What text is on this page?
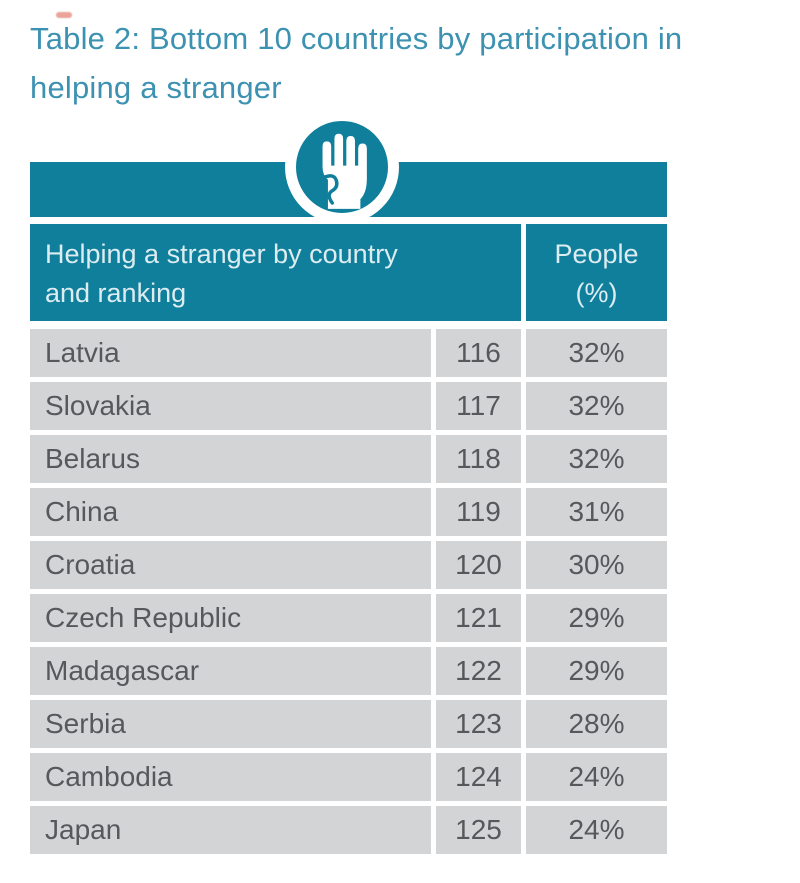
Table 2: Bottom 10 countries by participation in
helping a stranger
Helping a stranger by country
and ranking
People
(%)
Latvia	116	32%
Slovakia	117	32%
Belarus	118	32%
China	119	31%
Croatia	120	30%
Czech Republic	121	29%
Madagascar	122	29%
Serbia	123	28%
Cambodia	124	24%
Japan	125	24%
